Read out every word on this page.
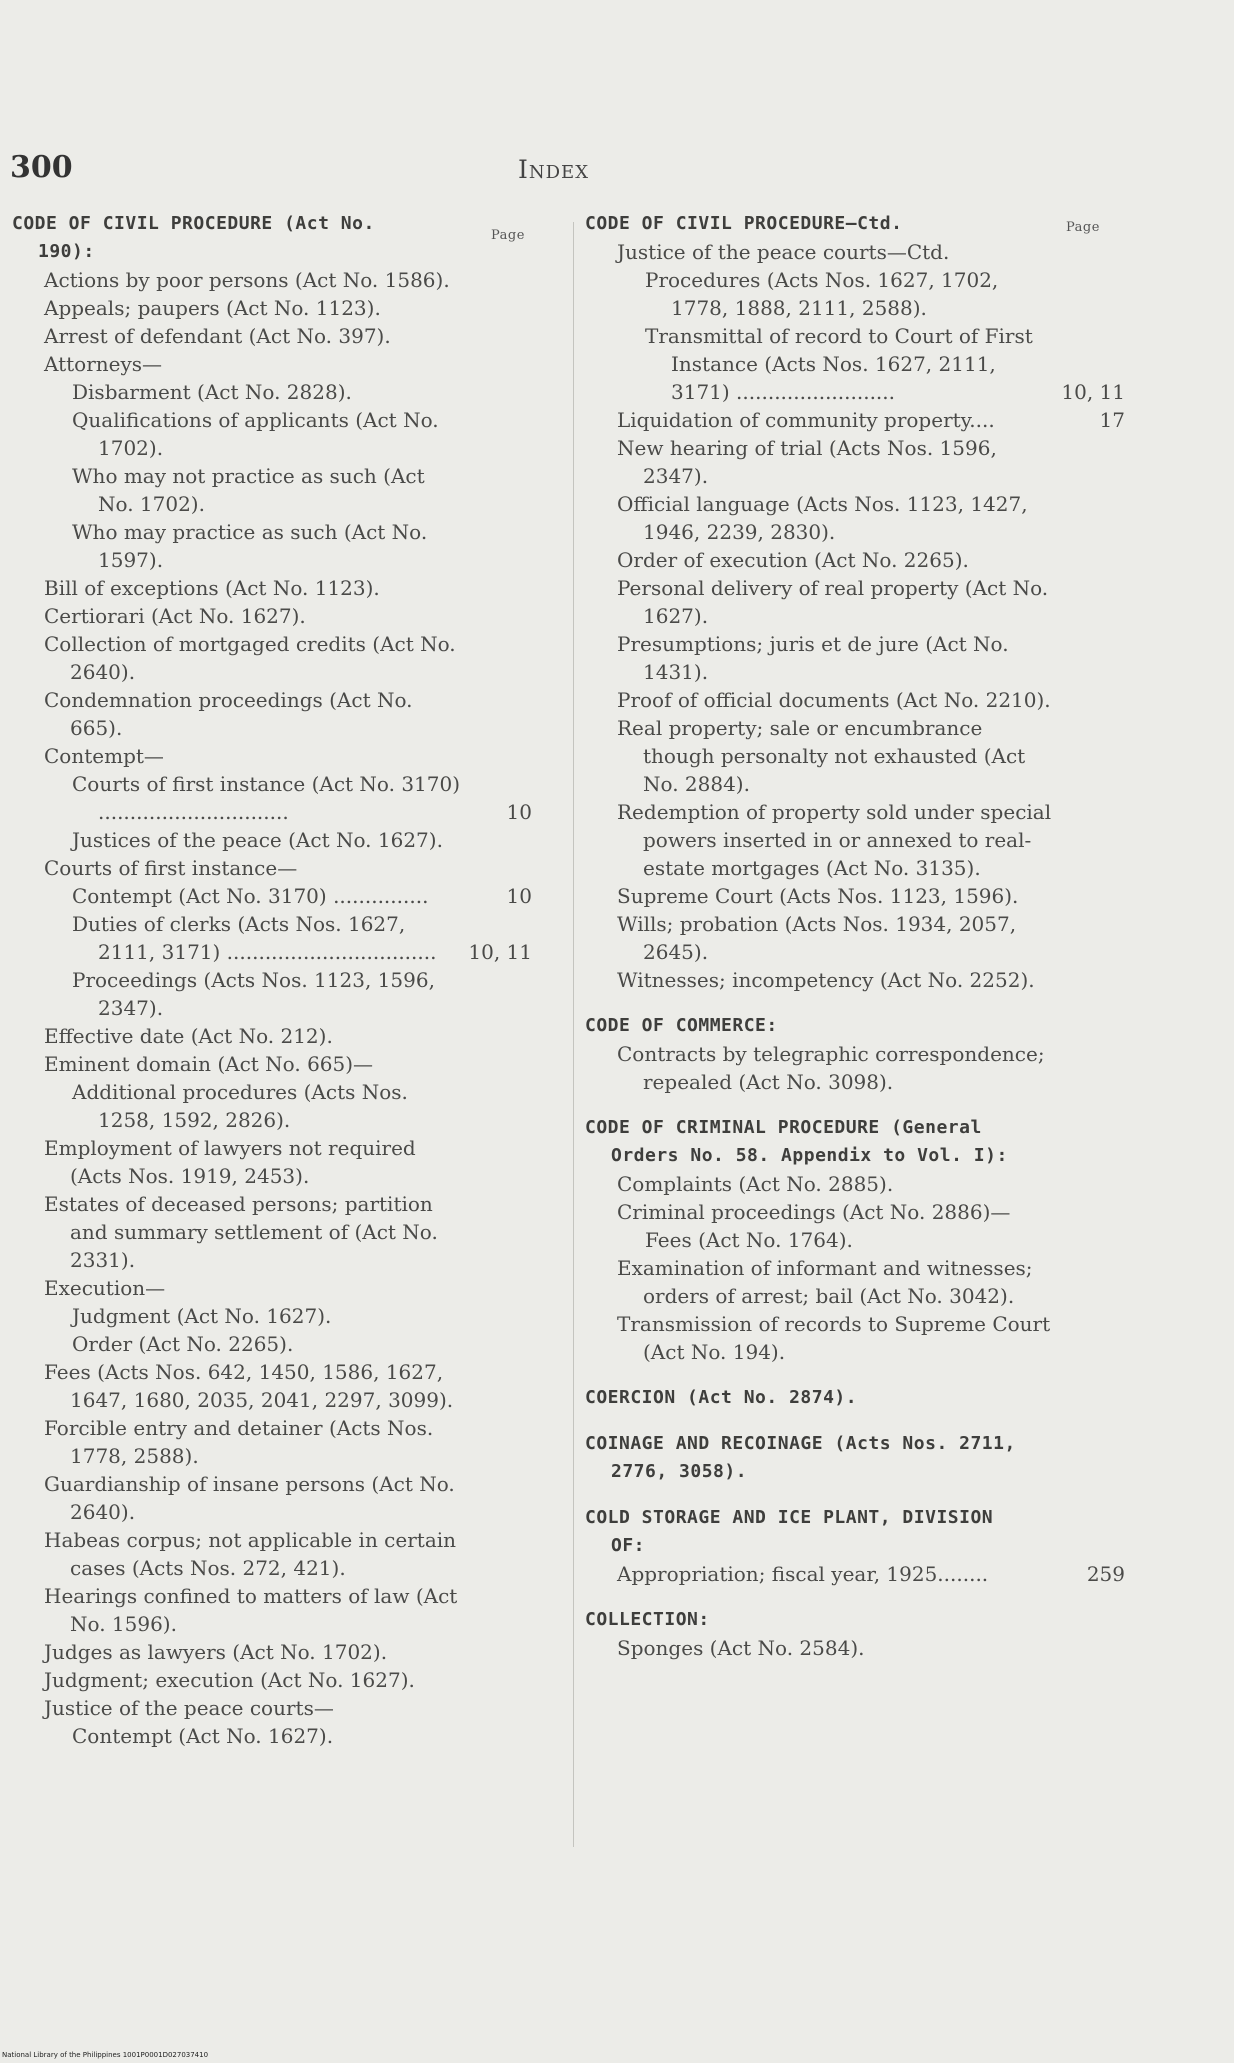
300	Index
Page
Page
CODE OF CIVIL PROCEDURE (Act No. 190):
Actions by poor persons (Act No. 1586).
Appeals; paupers (Act No. 1123).
Arrest of defendant (Act No. 397).
Attorneys—
Disbarment (Act No. 2828).
Qualifications of applicants (Act No. 1702).
Who may not practice as such (Act No. 1702).
Who may practice as such (Act No. 1597).
Bill of exceptions (Act No. 1123).
Certiorari (Act No. 1627).
Collection of mortgaged credits (Act No. 2640).
Condemnation proceedings (Act No. 665).
Contempt—
Courts of first instance (Act No. 3170) ..............................	10
Justices of the peace (Act No. 1627).
Courts of first instance—
Contempt (Act No. 3170) ...............	10
Duties of clerks (Acts Nos. 1627, 2111, 3171) .................................	10, 11
Proceedings (Acts Nos. 1123, 1596, 2347).
Effective date (Act No. 212).
Eminent domain (Act No. 665)—
Additional procedures (Acts Nos. 1258, 1592, 2826).
Employment of lawyers not required (Acts Nos. 1919, 2453).
Estates of deceased persons; partition and summary settlement of (Act No. 2331).
Execution—
Judgment (Act No. 1627).
Order (Act No. 2265).
Fees (Acts Nos. 642, 1450, 1586, 1627, 1647, 1680, 2035, 2041, 2297, 3099).
Forcible entry and detainer (Acts Nos. 1778, 2588).
Guardianship of insane persons (Act No. 2640).
Habeas corpus; not applicable in certain cases (Acts Nos. 272, 421).
Hearings confined to matters of law (Act No. 1596).
Judges as lawyers (Act No. 1702).
Judgment; execution (Act No. 1627).
Justice of the peace courts—
Contempt (Act No. 1627).
CODE OF CIVIL PROCEDURE—Ctd.
Justice of the peace courts—Ctd.
Procedures (Acts Nos. 1627, 1702, 1778, 1888, 2111, 2588).
Transmittal of record to Court of First Instance (Acts Nos. 1627, 2111, 3171) .........................	10, 11
Liquidation of community property....	17
New hearing of trial (Acts Nos. 1596, 2347).
Official language (Acts Nos. 1123, 1427, 1946, 2239, 2830).
Order of execution (Act No. 2265).
Personal delivery of real property (Act No. 1627).
Presumptions; juris et de jure (Act No. 1431).
Proof of official documents (Act No. 2210).
Real property; sale or encumbrance though personalty not exhausted (Act No. 2884).
Redemption of property sold under special powers inserted in or annexed to real-estate mortgages (Act No. 3135).
Supreme Court (Acts Nos. 1123, 1596).
Wills; probation (Acts Nos. 1934, 2057, 2645).
Witnesses; incompetency (Act No. 2252).
CODE OF COMMERCE:
Contracts by telegraphic correspondence; repealed (Act No. 3098).
CODE OF CRIMINAL PROCEDURE (General Orders No. 58. Appendix to Vol. I):
Complaints (Act No. 2885).
Criminal proceedings (Act No. 2886)—
Fees (Act No. 1764).
Examination of informant and witnesses; orders of arrest; bail (Act No. 3042).
Transmission of records to Supreme Court (Act No. 194).
COERCION (Act No. 2874).
COINAGE AND RECOINAGE (Acts Nos. 2711, 2776, 3058).
COLD STORAGE AND ICE PLANT, DIVISION OF:
Appropriation; fiscal year, 1925........	259
COLLECTION:
Sponges (Act No. 2584).
National Library of the Philippines 1001P0001D027037410
